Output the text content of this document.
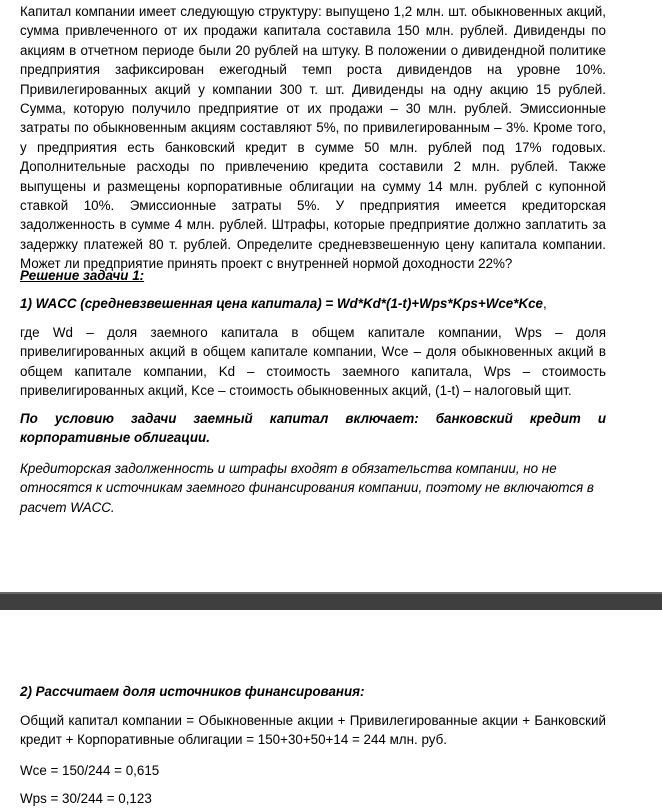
Капитал компании имеет следующую структуру: выпущено 1,2 млн. шт. обыкновенных акций, сумма привлеченного от их продажи капитала составила 150 млн. рублей. Дивиденды по акциям в отчетном периоде были 20 рублей на штуку. В положении о дивидендной политике предприятия зафиксирован ежегодный темп роста дивидендов на уровне 10%. Привилегированных акций у компании 300 т. шт. Дивиденды на одну акцию 15 рублей. Сумма, которую получило предприятие от их продажи – 30 млн. рублей. Эмиссионные затраты по обыкновенным акциям составляют 5%, по привилегированным – 3%. Кроме того, у предприятия есть банковский кредит в сумме 50 млн. рублей под 17% годовых. Дополнительные расходы по привлечению кредита составили 2 млн. рублей. Также выпущены и размещены корпоративные облигации на сумму 14 млн. рублей с купонной ставкой 10%. Эмиссионные затраты 5%. У предприятия имеется кредиторская задолженность в сумме 4 млн. рублей. Штрафы, которые предприятие должно заплатить за задержку платежей 80 т. рублей. Определите средневзвешенную цену капитала компании. Может ли предприятие принять проект с внутренней нормой доходности 22%?

Решение задачи 1:

1) WACC (средневзвешенная цена капитала) = Wd*Kd*(1-t)+Wps*Kps+Wce*Kce,

где Wd – доля заемного капитала в общем капитале компании, Wps – доля привелигированных акций в общем капитале компании, Wce – доля обыкновенных акций в общем капитале компании, Kd – стоимость заемного капитала, Wps – стоимость привелигированных акций, Kce – стоимость обыкновенных акций, (1-t) – налоговый щит.

По условию задачи заемный капитал включает: банковский кредит и корпоративные облигации.

Кредиторская задолженность и штрафы входят в обязательства компании, но не относятся к источникам заемного финансирования компании, поэтому не включаются в расчет WACC.

2) Рассчитаем доля источников финансирования:

Общий капитал компании = Обыкновенные акции + Привилегированные акции + Банковский кредит + Корпоративные облигации = 150+30+50+14 = 244 млн. руб.

Wce = 150/244 = 0,615

Wps = 30/244 = 0,123
